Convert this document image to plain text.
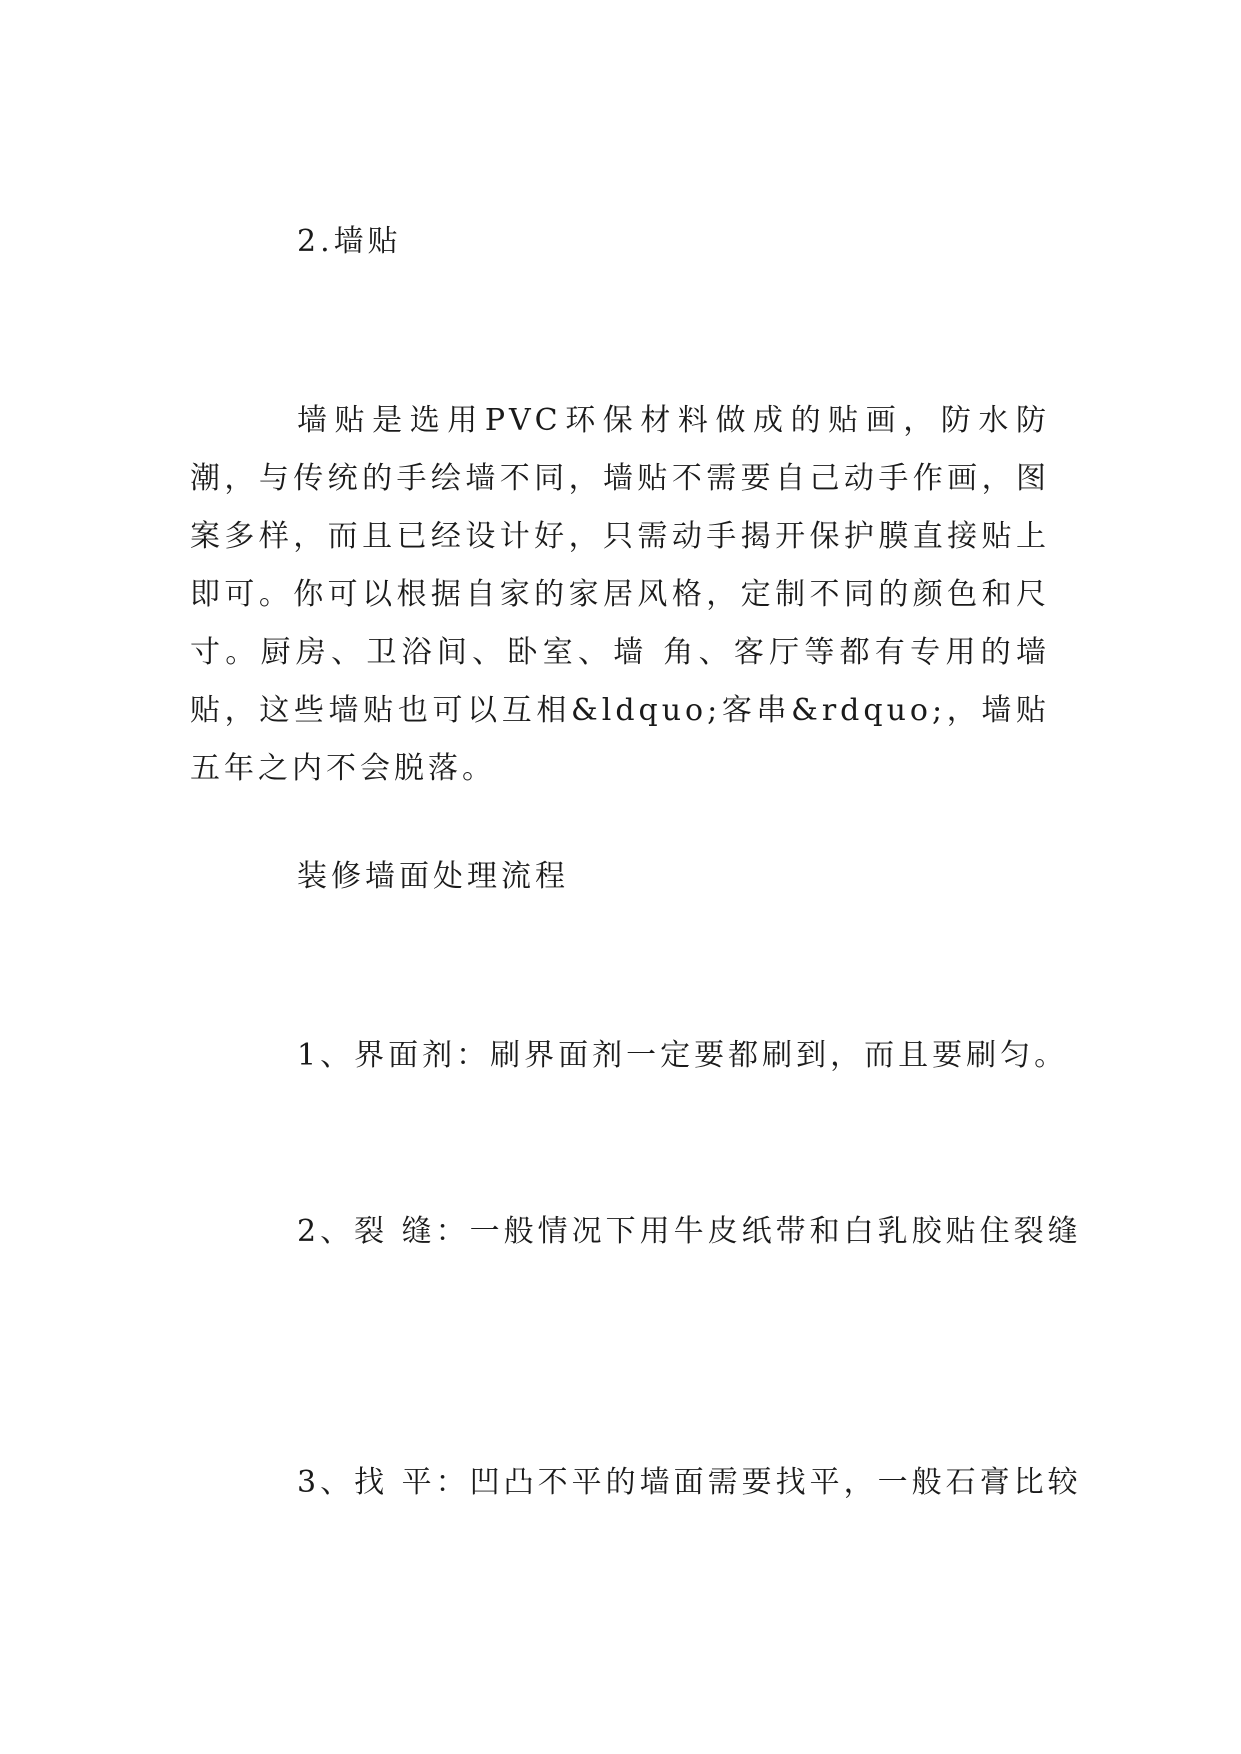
2.墙贴

墙贴是选用PVC环保材料做成的贴画，防水防潮，与传统的手绘墙不同，墙贴不需要自己动手作画，图案多样，而且已经设计好，只需动手揭开保护膜直接贴上即可。你可以根据自家的家居风格，定制不同的颜色和尺寸。厨房、卫浴间、卧室、墙 角、客厅等都有专用的墙贴，这些墙贴也可以互相&ldquo;客串&rdquo;，墙贴五年之内不会脱落。

装修墙面处理流程

1、界面剂：刷界面剂一定要都刷到，而且要刷匀。

2、裂 缝：一般情况下用牛皮纸带和白乳胶贴住裂缝

3、找 平：凹凸不平的墙面需要找平，一般石膏比较
